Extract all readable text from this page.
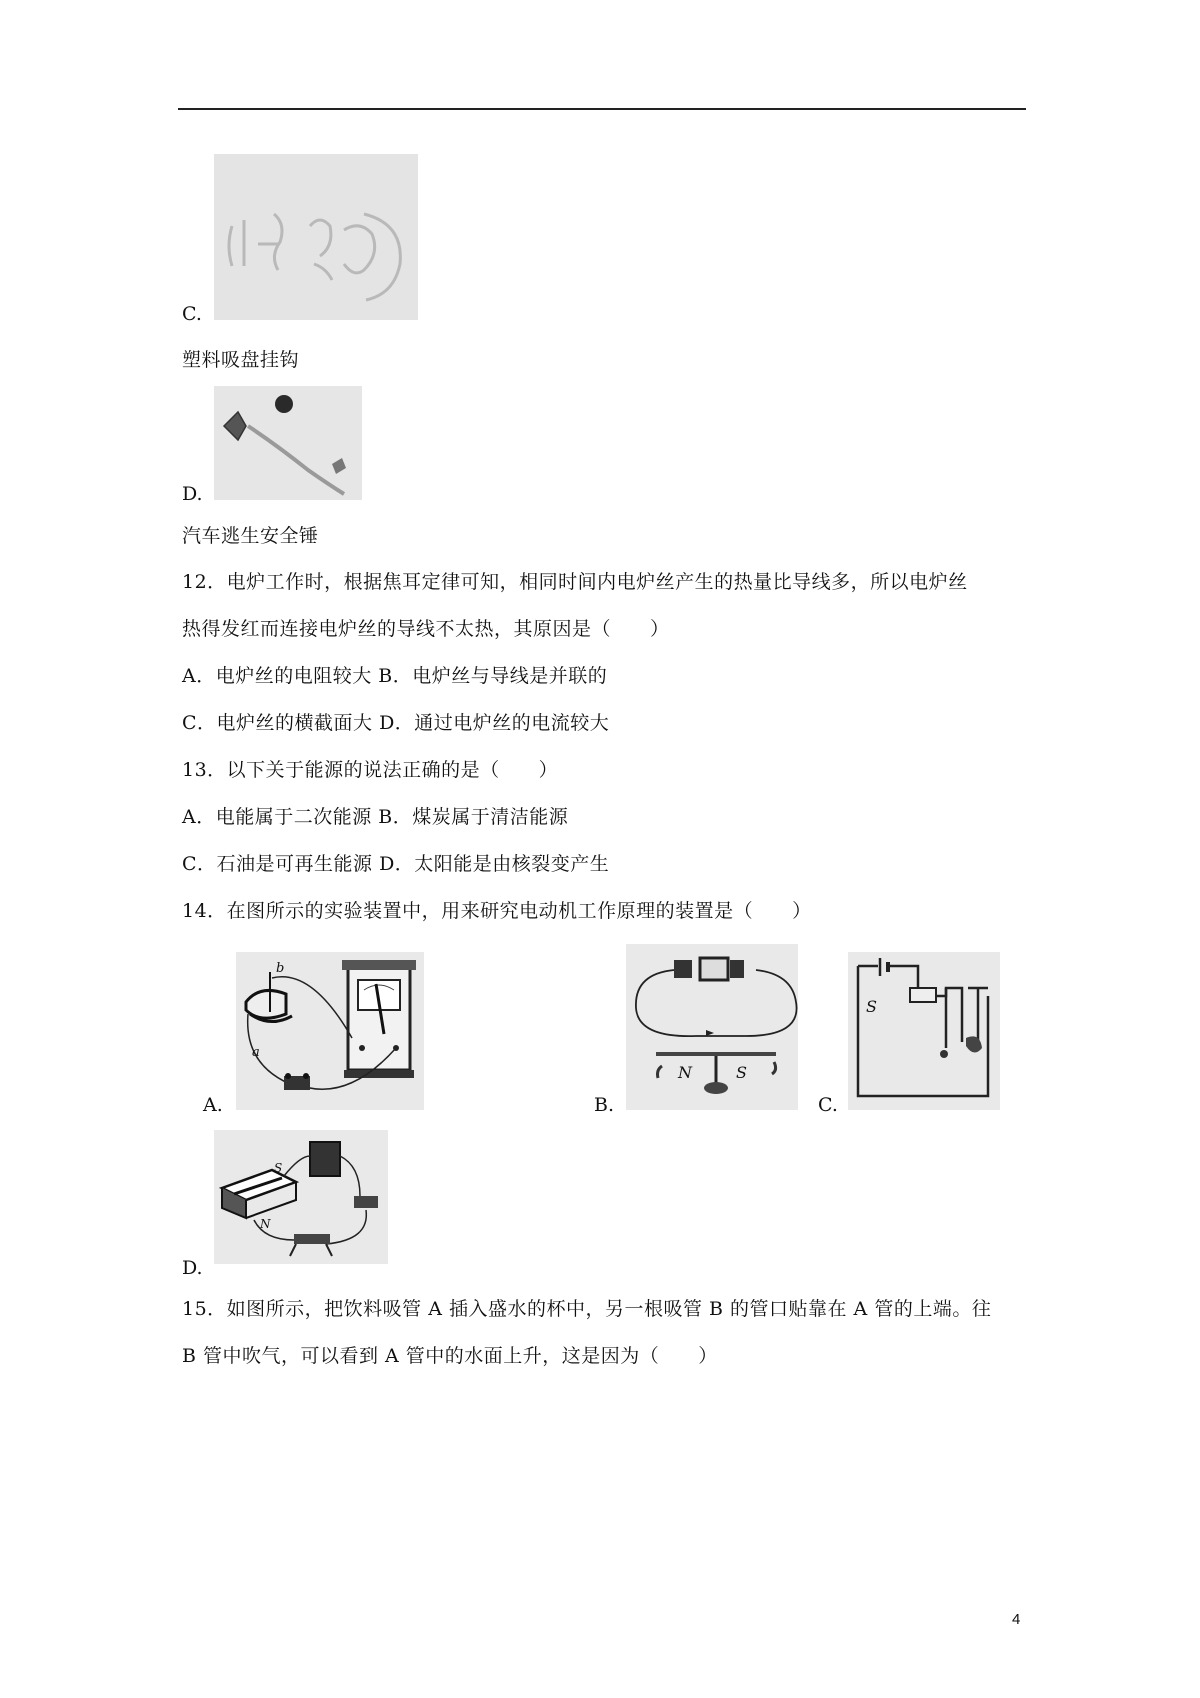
C.
塑料吸盘挂钩
D.
汽车逃生安全锤
12．电炉工作时，根据焦耳定律可知，相同时间内电炉丝产生的热量比导线多，所以电炉丝
热得发红而连接电炉丝的导线不太热，其原因是（　　）
A．电炉丝的电阻较大 B．电炉丝与导线是并联的
C．电炉丝的横截面大 D．通过电炉丝的电流较大
13．以下关于能源的说法正确的是（　　）
A．电能属于二次能源 B．煤炭属于清洁能源
C．石油是可再生能源 D．太阳能是由核裂变产生
14．在图所示的实验装置中，用来研究电动机工作原理的装置是（　　）
b
a
A.
N	S
B.
S
C.
S
N
D.
15．如图所示，把饮料吸管 A 插入盛水的杯中，另一根吸管 B 的管口贴靠在 A 管的上端。往
B 管中吹气，可以看到 A 管中的水面上升，这是因为（　　）
4
